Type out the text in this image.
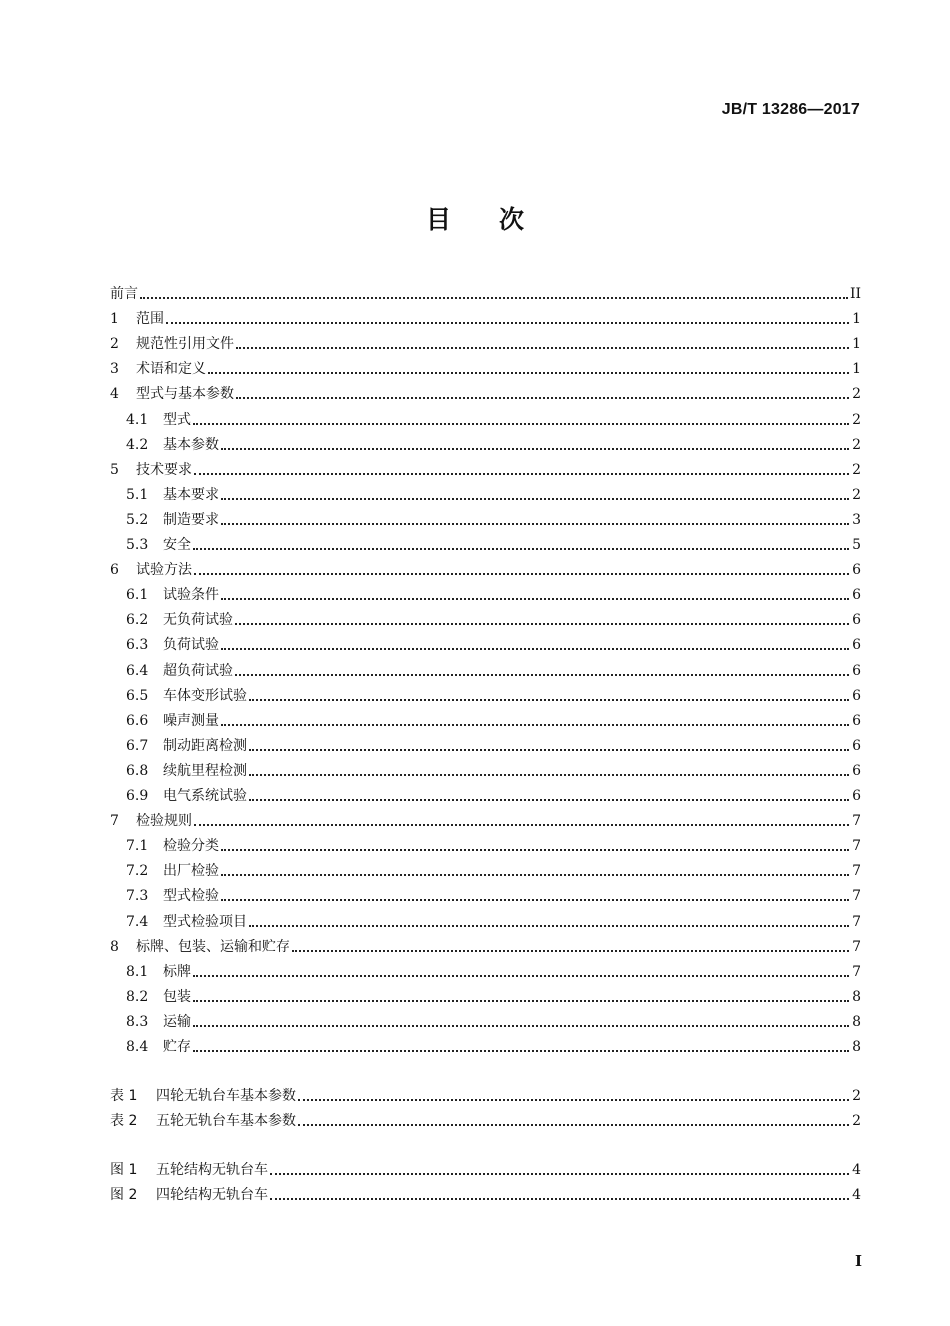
JB/T 13286—2017
目 次
前言	II
1	范围	1
2	规范性引用文件	1
3	术语和定义	1
4	型式与基本参数	2
4.1	型式	2
4.2	基本参数	2
5	技术要求	2
5.1	基本要求	2
5.2	制造要求	3
5.3	安全	5
6	试验方法	6
6.1	试验条件	6
6.2	无负荷试验	6
6.3	负荷试验	6
6.4	超负荷试验	6
6.5	车体变形试验	6
6.6	噪声测量	6
6.7	制动距离检测	6
6.8	续航里程检测	6
6.9	电气系统试验	6
7	检验规则	7
7.1	检验分类	7
7.2	出厂检验	7
7.3	型式检验	7
7.4	型式检验项目	7
8	标牌、包装、运输和贮存	7
8.1	标牌	7
8.2	包装	8
8.3	运输	8
8.4	贮存	8
表 1	四轮无轨台车基本参数	2
表 2	五轮无轨台车基本参数	2
图 1	五轮结构无轨台车	4
图 2	四轮结构无轨台车	4
I
